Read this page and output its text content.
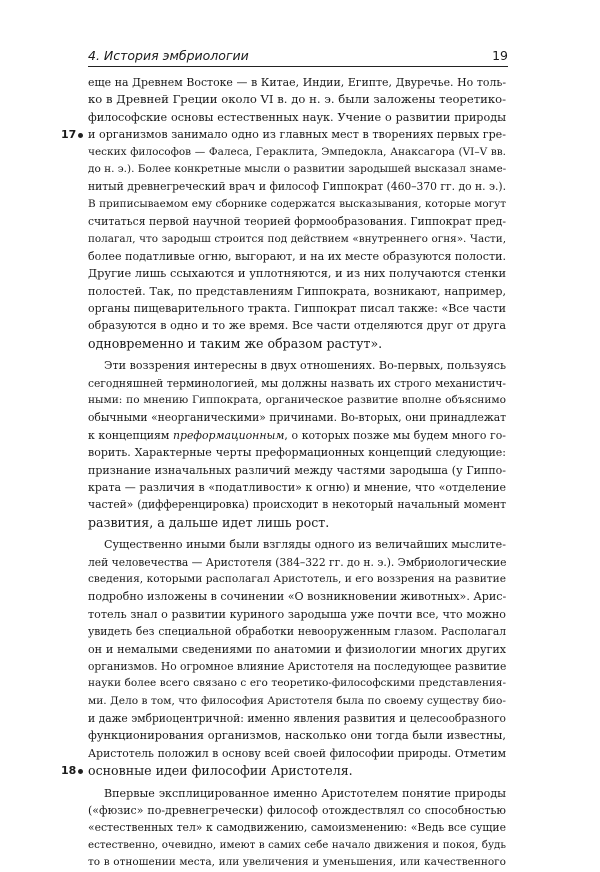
4. История эмбриологии	19
еще на Древнем Востоке — в Китае, Индии, Египте, Двуречье. Но толь-
ко в Древней Греции около VI в. до н. э. были заложены теоретико-
философские основы естественных наук. Учение о развитии природы
17	и организмов занимало одно из главных мест в творениях первых гре-
ческих философов — Фалеса, Гераклита, Эмпедокла, Анаксагора (VI–V вв.
до н. э.). Более конкретные мысли о развитии зародышей высказал знаме-
нитый древнегреческий врач и философ Гиппократ (460–370 гг. до н. э.).
В приписываемом ему сборнике содержатся высказывания, которые могут
считаться первой научной теорией формообразования. Гиппократ пред-
полагал, что зародыш строится под действием «внутреннего огня». Части,
более податливые огню, выгорают, и на их месте образуются полости.
Другие лишь ссыхаются и уплотняются, и из них получаются стенки
полостей. Так, по представлениям Гиппократа, возникают, например,
органы пищеварительного тракта. Гиппократ писал также: «Все части
образуются в одно и то же время. Все части отделяются друг от друга
одновременно и таким же образом растут».
Эти воззрения интересны в двух отношениях. Во-первых, пользуясь
сегодняшней терминологией, мы должны назвать их строго механистич-
ными: по мнению Гиппократа, органическое развитие вполне объяснимо
обычными «неорганическими» причинами. Во-вторых, они принадлежат
к концепциям преформационным, о которых позже мы будем много го-
ворить. Характерные черты преформационных концепций следующие:
признание изначальных различий между частями зародыша (у Гиппо-
крата — различия в «податливости» к огню) и мнение, что «отделение
частей» (дифференцировка) происходит в некоторый начальный момент
развития, а дальше идет лишь рост.
Существенно иными были взгляды одного из величайших мыслите-
лей человечества — Аристотеля (384–322 гг. до н. э.). Эмбриологические
сведения, которыми располагал Аристотель, и его воззрения на развитие
подробно изложены в сочинении «О возникновении животных». Арис-
тотель знал о развитии куриного зародыша уже почти все, что можно
увидеть без специальной обработки невооруженным глазом. Располагал
он и немалыми сведениями по анатомии и физиологии многих других
организмов. Но огромное влияние Аристотеля на последующее развитие
науки более всего связано с его теоретико-философскими представления-
ми. Дело в том, что философия Аристотеля была по своему существу био-
и даже эмбриоцентричной: именно явления развития и целесообразного
функционирования организмов, насколько они тогда были известны,
Аристотель положил в основу всей своей философии природы. Отметим
18 основные идеи философии Аристотеля.
Впервые эксплицированное именно Аристотелем понятие природы
(«фюзис» по-древнегречески) философ отождествлял со способностью
«естественных тел» к самодвижению, самоизменению: «Ведь все сущие
естественно, очевидно, имеют в самих себе начало движения и покоя, будь
то в отношении места, или увеличения и уменьшения, или качественного
